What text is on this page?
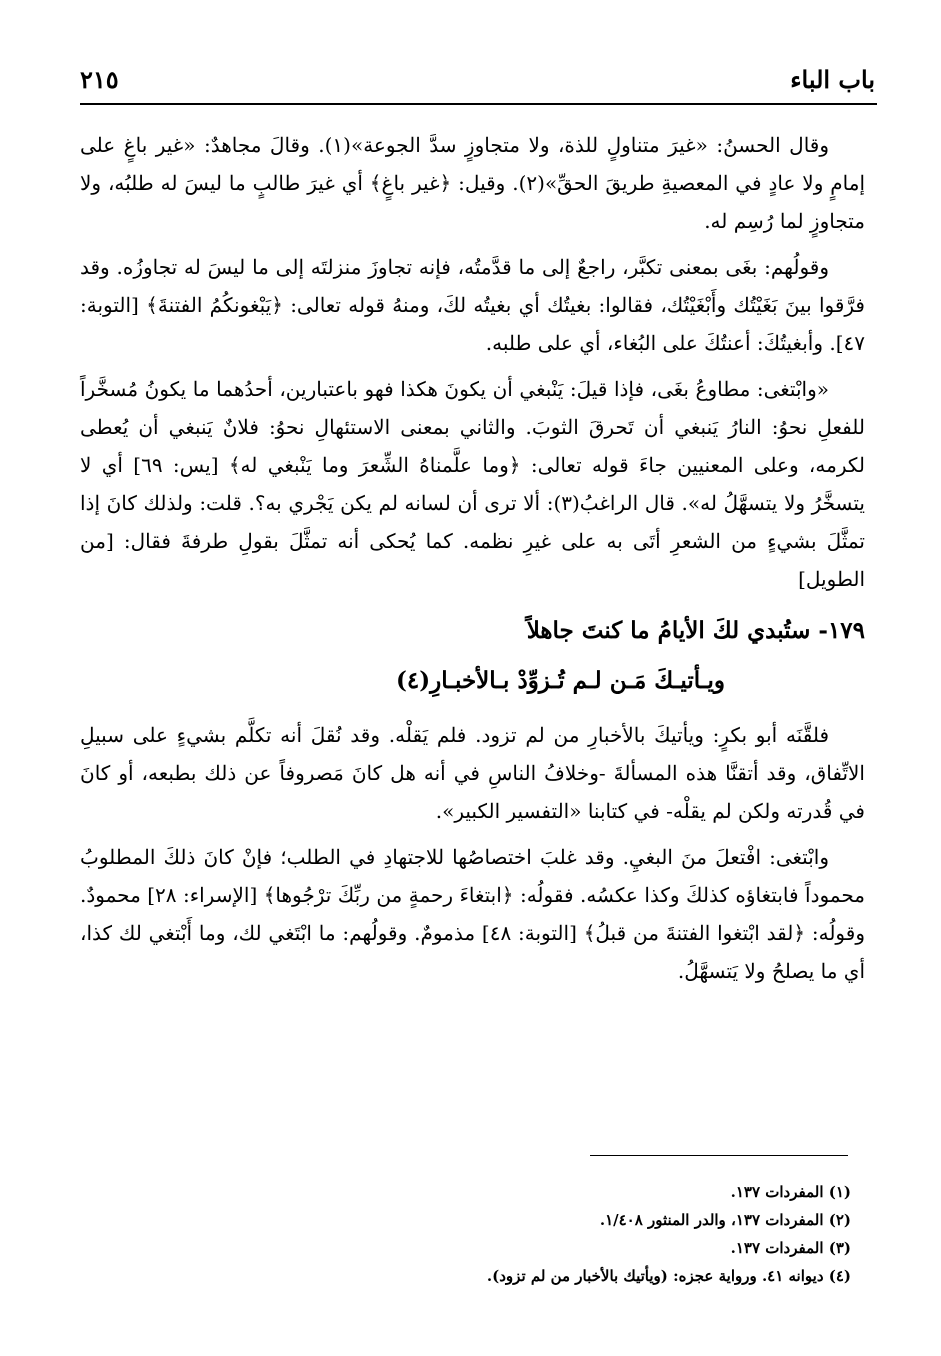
باب الباء
٢١٥

وقال الحسنُ: «غيرَ متناولٍ للذة، ولا متجاوزٍ سدَّ الجوعة»(١). وقالَ مجاهدٌ: «غير باغٍ على إمامٍ ولا عادٍ في المعصيةِ طريقَ الحقِّ»(٢). وقيل: ﴿غير باغٍ﴾ أي غيرَ طالبٍ ما ليسَ له طلبُه، ولا متجاوزٍ لما رُسِم له.

وقولُهم: بغَى بمعنى تكبَّر، راجعٌ إلى ما قدَّمتُه، فإنه تجاوزَ منزلتَه إلى ما ليسَ له تجاوزُه. وقد فرَّقوا بينَ بَغَيْتُك وأَبْغَيْتُك، فقالوا: بغيتُك أي بغيتُه لكَ، ومنهُ قوله تعالى: ﴿يَبْغونكُمُ الفتنةَ﴾ [التوبة: ٤٧]. وأبغيتُكَ: أعنتُكَ على البُغاء، أي على طلبه.

«وابْتغى: مطاوعُ بغَى، فإذا قيلَ: يَنْبغي أن يكونَ هكذا فهو باعتبارين، أحدُهما ما يكونُ مُسخَّراً للفعلِ نحوُ: النارُ يَنبغي أن تَحرقَ الثوبَ. والثاني بمعنى الاستئهالِ نحوُ: فلانٌ يَنبغي أن يُعطى لكرمه، وعلى المعنيين جاءَ قوله تعالى: ﴿وما علَّمناهُ الشِّعرَ وما يَنْبغي له﴾ [يس: ٦٩] أي لا يتسخَّرُ ولا يتسهَّلُ له». قال الراغبُ(٣): ألا ترى أن لسانه لم يكن يَجْري به؟. قلت: ولذلك كانَ إذا تمثَّلَ بشيءٍ من الشعرِ أتَى به على غيرِ نظمه. كما يُحكى أنه تمثَّلَ بقولِ طرفةَ فقال: [من الطويل]

١٧٩- ستُبدي لكَ الأيامُ ما كنتَ جاهلاً
ويـأتيـكَ مَـن لـم تُـزوِّدْ بـالأخبـارِ(٤)

فلقَّنَه أبو بكرٍ: ويأتيكَ بالأخبارِ من لم تزود. فلم يَقلْه. وقد نُقلَ أنه تكلَّم بشيءٍ على سبيلِ الاتِّفاق، وقد أتقنَّا هذه المسألةَ -وخلافُ الناسِ في أنه هل كانَ مَصروفاً عن ذلك بطبعه، أو كانَ في قُدرته ولكن لم يقلْه- في كتابنا «التفسير الكبير».

وابْتغى: افْتعلَ منَ البغيِ. وقد غلبَ اختصاصُها للاجتهادِ في الطلب؛ فإنْ كانَ ذلكَ المطلوبُ محموداً فابتغاؤه كذلكَ وكذا عكسُه. فقولُه: ﴿ابتغاءَ رحمةٍ من ربِّكَ ترْجُوها﴾ [الإسراء: ٢٨] محمودٌ. وقولُه: ﴿لقد ابْتغوا الفتنةَ من قبلُ﴾ [التوبة: ٤٨] مذمومٌ. وقولُهم: ما ابْتَغي لك، وما أَبْتغي لك كذا، أي ما يصلحُ ولا يَتسهَّلُ.

(١) المفردات ١٣٧.
(٢) المفردات ١٣٧، والدر المنثور ١/٤٠٨.
(٣) المفردات ١٣٧.
(٤) ديوانه ٤١. ورواية عجزه: (ويأتيك بالأخبار من لم تزود).
